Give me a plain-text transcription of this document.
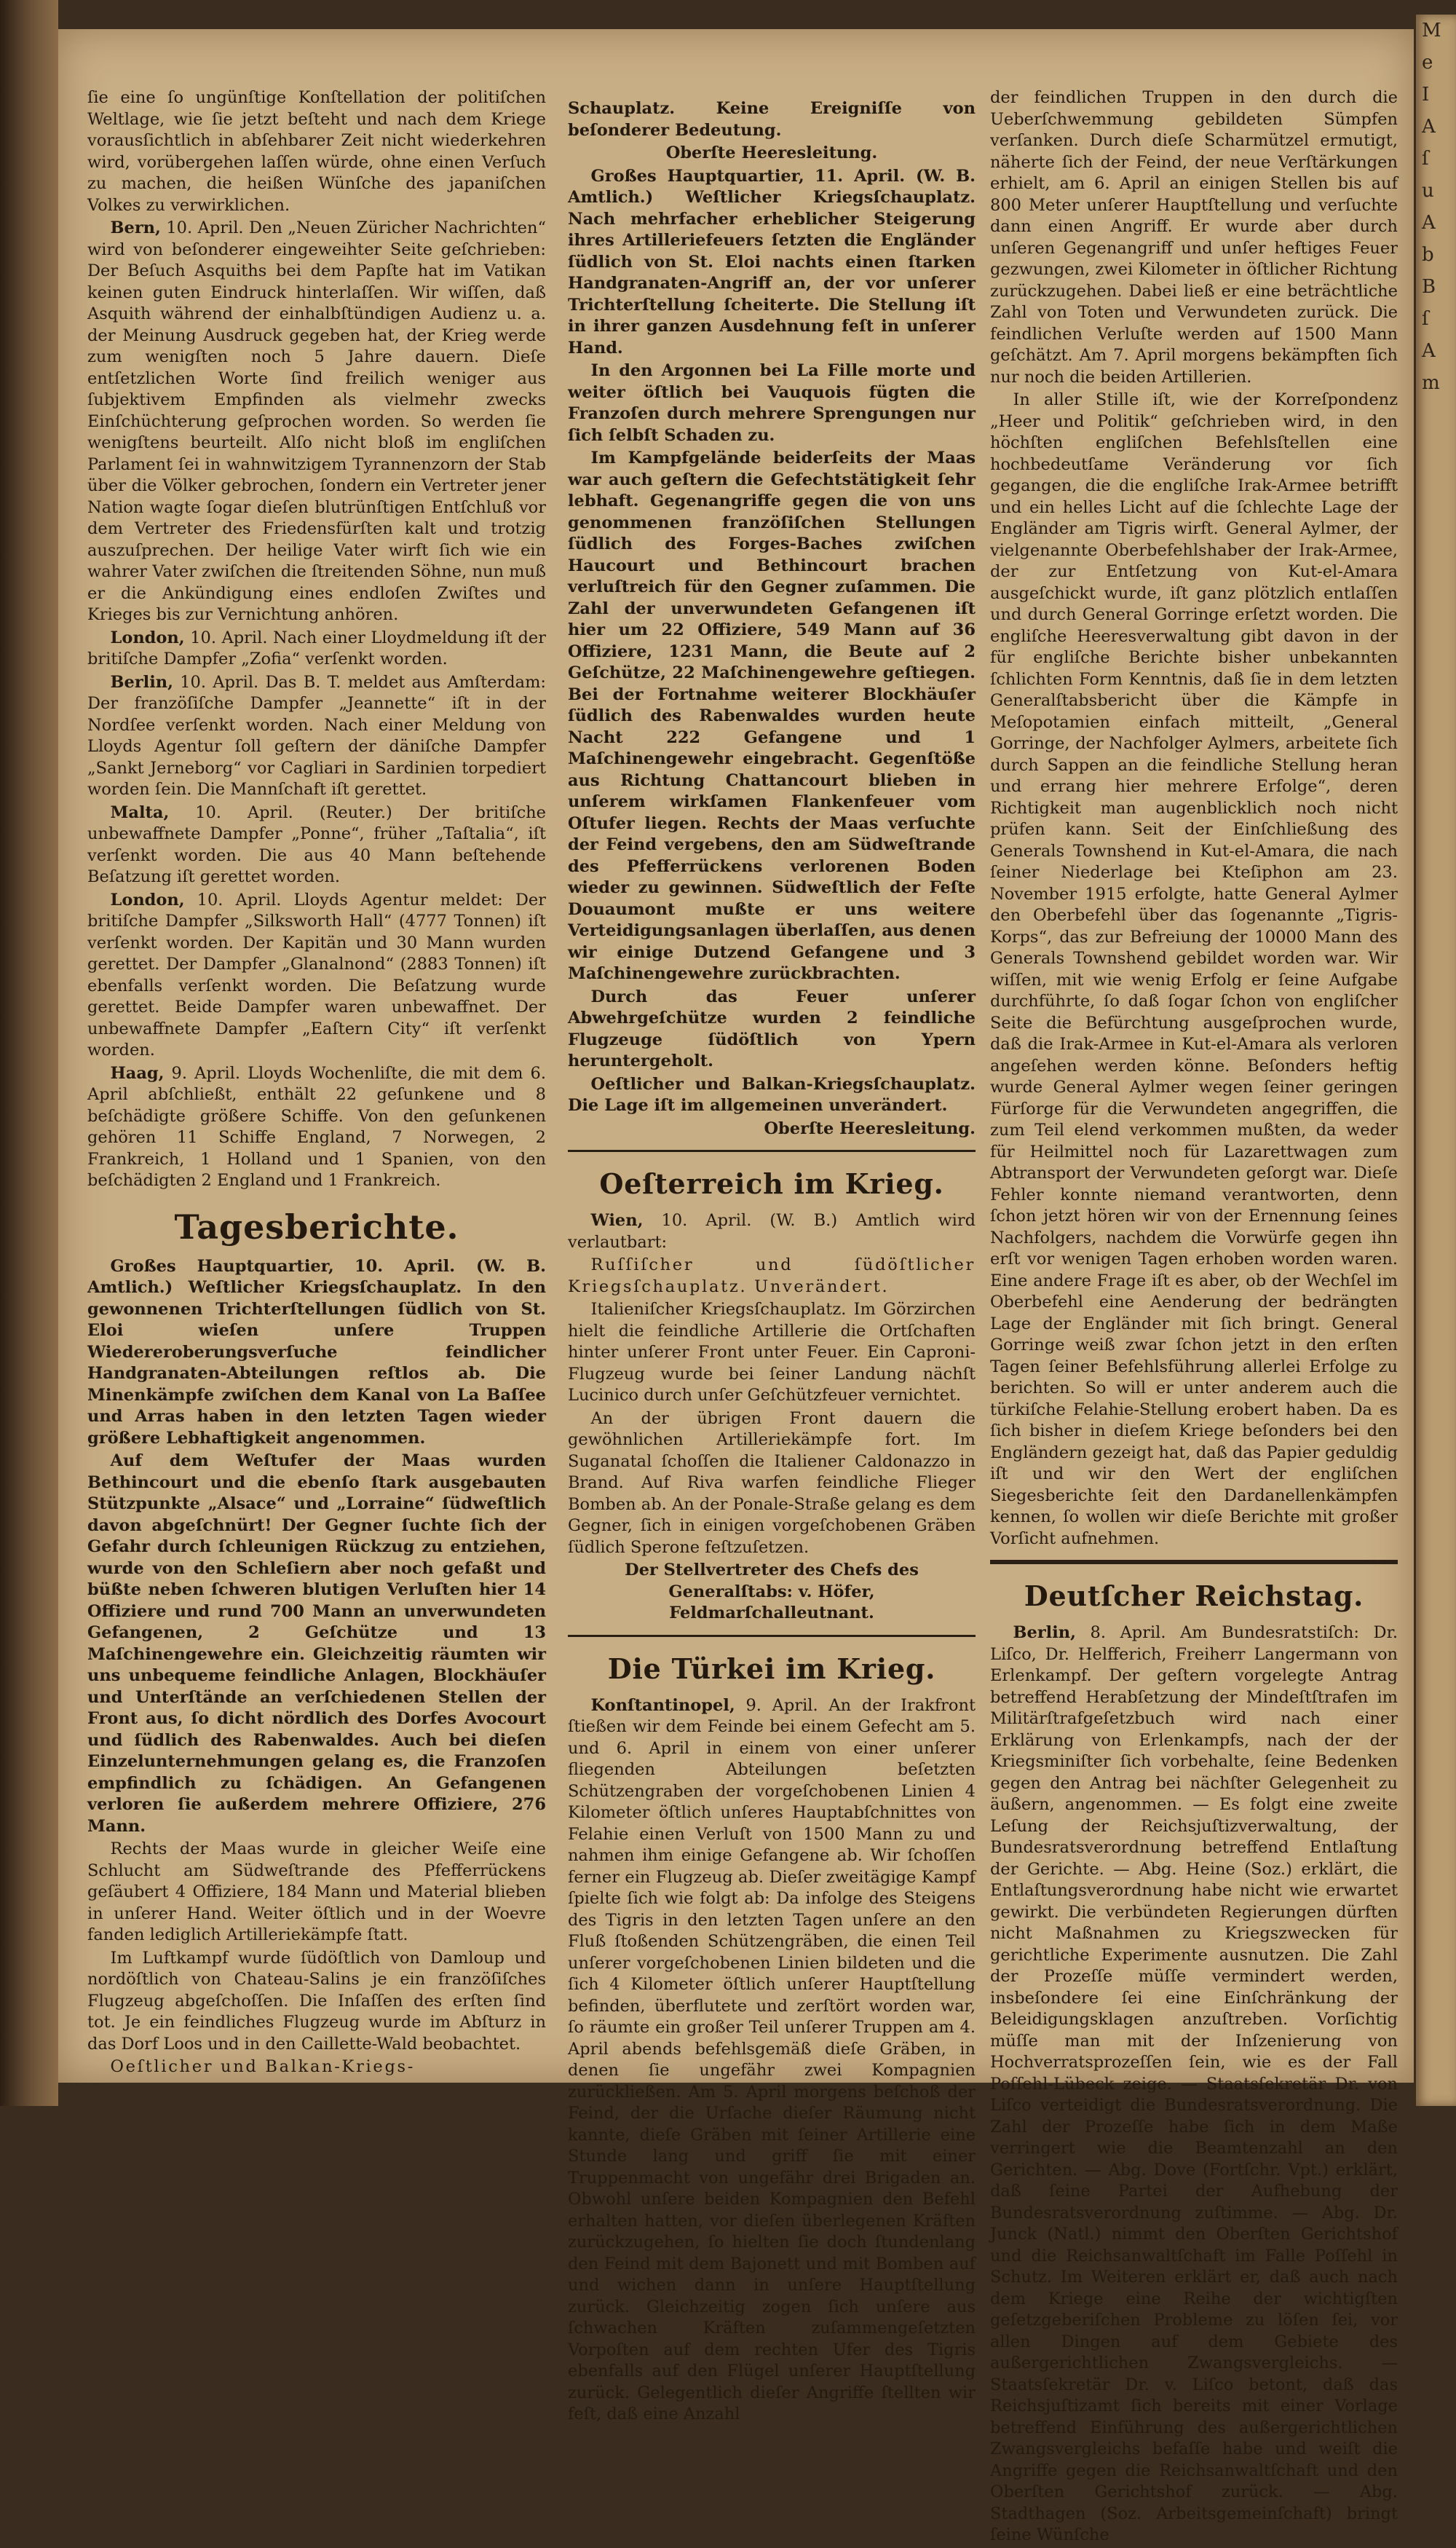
M
e
I
A
ſ
u
A
b
B
ſ
A
m

ſie eine ſo ungünſtige Konſtellation der politiſchen Weltlage, wie ſie jetzt beſteht und nach dem Kriege vorausſichtlich in abſehbarer Zeit nicht wiederkehren wird, vorübergehen laſſen würde, ohne einen Verſuch zu machen, die heißen Wünſche des japaniſchen Volkes zu verwirklichen.

Bern, 10. April. Den „Neuen Züricher Nachrichten“ wird von beſonderer eingeweihter Seite geſchrieben: Der Beſuch Asquiths bei dem Papſte hat im Vatikan keinen guten Eindruck hinterlaſſen. Wir wiſſen, daß Asquith während der einhalbſtündigen Audienz u. a. der Meinung Ausdruck gegeben hat, der Krieg werde zum wenigſten noch 5 Jahre dauern. Dieſe entſetzlichen Worte ſind freilich weniger aus ſubjektivem Empfinden als vielmehr zwecks Einſchüchterung geſprochen worden. So werden ſie wenigſtens beurteilt. Alſo nicht bloß im engliſchen Parlament ſei in wahnwitzigem Tyrannenzorn der Stab über die Völker gebrochen, ſondern ein Vertreter jener Nation wagte ſogar dieſen blutrünſtigen Entſchluß vor dem Vertreter des Friedensfürſten kalt und trotzig auszuſprechen. Der heilige Vater wirft ſich wie ein wahrer Vater zwiſchen die ſtreitenden Söhne, nun muß er die Ankündigung eines endloſen Zwiſtes und Krieges bis zur Vernichtung anhören.

London, 10. April. Nach einer Lloydmeldung iſt der britiſche Dampfer „Zofia“ verſenkt worden.

Berlin, 10. April. Das B. T. meldet aus Amſterdam: Der franzöſiſche Dampfer „Jeannette“ iſt in der Nordſee verſenkt worden. Nach einer Meldung von Lloyds Agentur ſoll geſtern der däniſche Dampfer „Sankt Jerneborg“ vor Cagliari in Sardinien torpediert worden ſein. Die Mannſchaft iſt gerettet.

Malta, 10. April. (Reuter.) Der britiſche unbewaffnete Dampfer „Ponne“, früher „Taſtalia“, iſt verſenkt worden. Die aus 40 Mann beſtehende Beſatzung iſt gerettet worden.

London, 10. April. Lloyds Agentur meldet: Der britiſche Dampfer „Silksworth Hall“ (4777 Tonnen) iſt verſenkt worden. Der Kapitän und 30 Mann wurden gerettet. Der Dampfer „Glanalnond“ (2883 Tonnen) iſt ebenfalls verſenkt worden. Die Beſatzung wurde gerettet. Beide Dampfer waren unbewaffnet. Der unbewaffnete Dampfer „Eaſtern City“ iſt verſenkt worden.

Haag, 9. April. Lloyds Wochenliſte, die mit dem 6. April abſchließt, enthält 22 geſunkene und 8 beſchädigte größere Schiffe. Von den geſunkenen gehören 11 Schiffe England, 7 Norwegen, 2 Frankreich, 1 Holland und 1 Spanien, von den beſchädigten 2 England und 1 Frankreich.

Tagesberichte.

Großes Hauptquartier, 10. April. (W. B. Amtlich.) Weſtlicher Kriegsſchauplatz. In den gewonnenen Trichterſtellungen ſüdlich von St. Eloi wieſen unſere Truppen Wiedereroberungsverſuche feindlicher Handgranaten-Abteilungen reſtlos ab. Die Minenkämpfe zwiſchen dem Kanal von La Baſſee und Arras haben in den letzten Tagen wieder größere Lebhaftigkeit angenommen.

Auf dem Weſtufer der Maas wurden Bethincourt und die ebenſo ſtark ausgebauten Stützpunkte „Alsace“ und „Lorraine“ ſüdweſtlich davon abgeſchnürt! Der Gegner ſuchte ſich der Gefahr durch ſchleunigen Rückzug zu entziehen, wurde von den Schleſiern aber noch gefaßt und büßte neben ſchweren blutigen Verluſten hier 14 Offiziere und rund 700 Mann an unverwundeten Gefangenen, 2 Geſchütze und 13 Maſchinengewehre ein. Gleichzeitig räumten wir uns unbequeme feindliche Anlagen, Blockhäuſer und Unterſtände an verſchiedenen Stellen der Front aus, ſo dicht nördlich des Dorfes Avocourt und ſüdlich des Rabenwaldes. Auch bei dieſen Einzelunternehmungen gelang es, die Franzoſen empfindlich zu ſchädigen. An Gefangenen verloren ſie außerdem mehrere Offiziere, 276 Mann.

Rechts der Maas wurde in gleicher Weiſe eine Schlucht am Südweſtrande des Pfefferrückens geſäubert 4 Offiziere, 184 Mann und Material blieben in unſerer Hand. Weiter öſtlich und in der Woevre fanden lediglich Artilleriekämpfe ſtatt.

Im Luftkampf wurde ſüdöſtlich von Damloup und nordöſtlich von Chateau-Salins je ein franzöſiſches Flugzeug abgeſchoſſen. Die Inſaſſen des erſten ſind tot. Je ein feindliches Flugzeug wurde im Abſturz in das Dorf Loos und in den Caillette-Wald beobachtet.

Oeſtlicher und Balkan-Kriegs-

Schauplatz. Keine Ereigniſſe von beſonderer Bedeutung.

Oberſte Heeresleitung.

Großes Hauptquartier, 11. April. (W. B. Amtlich.) Weſtlicher Kriegsſchauplatz. Nach mehrfacher erheblicher Steigerung ihres Artilleriefeuers ſetzten die Engländer ſüdlich von St. Eloi nachts einen ſtarken Handgranaten-Angriff an, der vor unſerer Trichterſtellung ſcheiterte. Die Stellung iſt in ihrer ganzen Ausdehnung feſt in unſerer Hand.

In den Argonnen bei La Fille morte und weiter öſtlich bei Vauquois fügten die Franzoſen durch mehrere Sprengungen nur ſich ſelbſt Schaden zu.

Im Kampfgelände beiderſeits der Maas war auch geſtern die Gefechtstätigkeit ſehr lebhaft. Gegenangriffe gegen die von uns genommenen franzöſiſchen Stellungen ſüdlich des Forges-Baches zwiſchen Haucourt und Bethincourt brachen verluſtreich für den Gegner zuſammen. Die Zahl der unverwundeten Gefangenen iſt hier um 22 Offiziere, 549 Mann auf 36 Offiziere, 1231 Mann, die Beute auf 2 Geſchütze, 22 Maſchinengewehre geſtiegen. Bei der Fortnahme weiterer Blockhäuſer ſüdlich des Rabenwaldes wurden heute Nacht 222 Gefangene und 1 Maſchinengewehr eingebracht. Gegenſtöße aus Richtung Chattancourt blieben in unſerem wirkſamen Flankenfeuer vom Oſtufer liegen. Rechts der Maas verſuchte der Feind vergebens, den am Südweſtrande des Pfefferrückens verlorenen Boden wieder zu gewinnen. Südweſtlich der Feſte Douaumont mußte er uns weitere Verteidigungsanlagen überlaſſen, aus denen wir einige Dutzend Gefangene und 3 Maſchinengewehre zurückbrachten.

Durch das Feuer unſerer Abwehrgeſchütze wurden 2 feindliche Flugzeuge ſüdöſtlich von Ypern heruntergeholt.

Oeſtlicher und Balkan-Kriegsſchauplatz. Die Lage iſt im allgemeinen unverändert.

Oberſte Heeresleitung.

Oeſterreich im Krieg.

Wien, 10. April. (W. B.) Amtlich wird verlautbart:

Ruſſiſcher und ſüdöſtlicher Kriegsſchauplatz. Unverändert.

Italieniſcher Kriegsſchauplatz. Im Görzirchen hielt die feindliche Artillerie die Ortſchaften hinter unſerer Front unter Feuer. Ein Caproni-Flugzeug wurde bei ſeiner Landung nächſt Lucinico durch unſer Geſchützfeuer vernichtet.

An der übrigen Front dauern die gewöhnlichen Artilleriekämpfe fort. Im Suganatal ſchoſſen die Italiener Caldonazzo in Brand. Auf Riva warfen feindliche Flieger Bomben ab. An der Ponale-Straße gelang es dem Gegner, ſich in einigen vorgeſchobenen Gräben ſüdlich Sperone feſtzuſetzen.

Der Stellvertreter des Chefs des Generalſtabs: v. Höfer, Feldmarſchalleutnant.

Die Türkei im Krieg.

Konſtantinopel, 9. April. An der Irakfront ſtießen wir dem Feinde bei einem Gefecht am 5. und 6. April in einem von einer unſerer fliegenden Abteilungen beſetzten Schützengraben der vorgeſchobenen Linien 4 Kilometer öſtlich unſeres Hauptabſchnittes von Felahie einen Verluſt von 1500 Mann zu und nahmen ihm einige Gefangene ab. Wir ſchoſſen ferner ein Flugzeug ab. Dieſer zweitägige Kampf ſpielte ſich wie folgt ab: Da infolge des Steigens des Tigris in den letzten Tagen unſere an den Fluß ſtoßenden Schützengräben, die einen Teil unſerer vorgeſchobenen Linien bildeten und die ſich 4 Kilometer öſtlich unſerer Hauptſtellung befinden, überflutete und zerſtört worden war, ſo räumte ein großer Teil unſerer Truppen am 4. April abends befehlsgemäß dieſe Gräben, in denen ſie ungefähr zwei Kompagnien zurückließen. Am 5. April morgens beſchoß der Feind, der die Urſache dieſer Räumung nicht kannte, dieſe Gräben mit ſeiner Artillerie eine Stunde lang und griff ſie mit einer Truppenmacht von ungefähr drei Brigaden an. Obwohl unſere beiden Kompagnien den Befehl erhalten hatten, vor dieſen überlegenen Kräften zurückzugehen, ſo hielten ſie doch ſtundenlang den Feind mit dem Bajonett und mit Bomben auf und wichen dann in unſere Hauptſtellung zurück. Gleichzeitig zogen ſich unſere aus ſchwachen Kräften zuſammengeſetzten Vorpoſten auf dem rechten Ufer des Tigris ebenfalls auf den Flügel unſerer Hauptſtellung zurück. Gelegentlich dieſer Angriffe ſtellten wir feſt, daß eine Anzahl

der feindlichen Truppen in den durch die Ueberſchwemmung gebildeten Sümpfen verſanken. Durch dieſe Scharmützel ermutigt, näherte ſich der Feind, der neue Verſtärkungen erhielt, am 6. April an einigen Stellen bis auf 800 Meter unſerer Hauptſtellung und verſuchte dann einen Angriff. Er wurde aber durch unſeren Gegenangriff und unſer heftiges Feuer gezwungen, zwei Kilometer in öſtlicher Richtung zurückzugehen. Dabei ließ er eine beträchtliche Zahl von Toten und Verwundeten zurück. Die feindlichen Verluſte werden auf 1500 Mann geſchätzt. Am 7. April morgens bekämpften ſich nur noch die beiden Artillerien.

In aller Stille iſt, wie der Korreſpondenz „Heer und Politik“ geſchrieben wird, in den höchſten engliſchen Befehlsſtellen eine hochbedeutſame Veränderung vor ſich gegangen, die die engliſche Irak-Armee betrifft und ein helles Licht auf die ſchlechte Lage der Engländer am Tigris wirft. General Aylmer, der vielgenannte Oberbefehlshaber der Irak-Armee, der zur Entſetzung von Kut-el-Amara ausgeſchickt wurde, iſt ganz plötzlich entlaſſen und durch General Gorringe erſetzt worden. Die engliſche Heeresverwaltung gibt davon in der für engliſche Berichte bisher unbekannten ſchlichten Form Kenntnis, daß ſie in dem letzten Generalſtabsbericht über die Kämpfe in Meſopotamien einfach mitteilt, „General Gorringe, der Nachfolger Aylmers, arbeitete ſich durch Sappen an die feindliche Stellung heran und errang hier mehrere Erfolge“, deren Richtigkeit man augenblicklich noch nicht prüfen kann. Seit der Einſchließung des Generals Townshend in Kut-el-Amara, die nach ſeiner Niederlage bei Kteſiphon am 23. November 1915 erfolgte, hatte General Aylmer den Oberbefehl über das ſogenannte „Tigris-Korps“, das zur Befreiung der 10000 Mann des Generals Townshend gebildet worden war. Wir wiſſen, mit wie wenig Erfolg er ſeine Aufgabe durchführte, ſo daß ſogar ſchon von engliſcher Seite die Befürchtung ausgeſprochen wurde, daß die Irak-Armee in Kut-el-Amara als verloren angeſehen werden könne. Beſonders heftig wurde General Aylmer wegen ſeiner geringen Fürſorge für die Verwundeten angegriffen, die zum Teil elend verkommen mußten, da weder für Heilmittel noch für Lazarettwagen zum Abtransport der Verwundeten geſorgt war. Dieſe Fehler konnte niemand verantworten, denn ſchon jetzt hören wir von der Ernennung ſeines Nachfolgers, nachdem die Vorwürfe gegen ihn erſt vor wenigen Tagen erhoben worden waren. Eine andere Frage iſt es aber, ob der Wechſel im Oberbefehl eine Aenderung der bedrängten Lage der Engländer mit ſich bringt. General Gorringe weiß zwar ſchon jetzt in den erſten Tagen ſeiner Befehlsführung allerlei Erfolge zu berichten. So will er unter anderem auch die türkiſche Felahie-Stellung erobert haben. Da es ſich bisher in dieſem Kriege beſonders bei den Engländern gezeigt hat, daß das Papier geduldig iſt und wir den Wert der engliſchen Siegesberichte ſeit den Dardanellenkämpfen kennen, ſo wollen wir dieſe Berichte mit großer Vorſicht aufnehmen.

Deutſcher Reichstag.

Berlin, 8. April. Am Bundesratstiſch: Dr. Liſco, Dr. Helfferich, Freiherr Langermann von Erlenkampf. Der geſtern vorgelegte Antrag betreffend Herabſetzung der Mindeſtſtrafen im Militärſtrafgeſetzbuch wird nach einer Erklärung von Erlenkampfs, nach der der Kriegsminiſter ſich vorbehalte, ſeine Bedenken gegen den Antrag bei nächſter Gelegenheit zu äußern, angenommen. — Es folgt eine zweite Leſung der Reichsjuſtizverwaltung, der Bundesratsverordnung betreffend Entlaſtung der Gerichte. — Abg. Heine (Soz.) erklärt, die Entlaſtungsverordnung habe nicht wie erwartet gewirkt. Die verbündeten Regierungen dürften nicht Maßnahmen zu Kriegszwecken für gerichtliche Experimente ausnutzen. Die Zahl der Prozeſſe müſſe vermindert werden, insbeſondere ſei eine Einſchränkung der Beleidigungsklagen anzuſtreben. Vorſichtig müſſe man mit der Inſzenierung von Hochverratsprozeſſen ſein, wie es der Fall Poſſehl-Lübeck zeige. — Staatsſekretär Dr. von Liſco verteidigt die Bundesratsverordnung. Die Zahl der Prozeſſe habe ſich in dem Maße verringert wie die Beamtenzahl an den Gerichten. — Abg. Dove (Fortſchr. Vpt.) erklärt, daß ſeine Partei der Aufhebung der Bundesratsverordnung zuſtimme. — Abg. Dr. Junck (Natl.) nimmt den Oberſten Gerichtshof und die Reichsanwaltſchaft im Falle Poſſehl in Schutz. Im Weiteren erklärt er, daß auch nach dem Kriege eine Reihe der wichtigſten geſetzgeberiſchen Probleme zu löſen ſei, vor allen Dingen auf dem Gebiete des außergerichtlichen Zwangsvergleichs. — Staatsſekretär Dr. v. Liſco betont, daß das Reichsjuſtizamt ſich bereits mit einer Vorlage betreffend Einführung des außergerichtlichen Zwangsvergleichs befaſſe habe und weiſt die Angriffe gegen die Reichsanwaltſchaft und den Oberſten Gerichtshof zurück. — Abg. Stadthagen (Soz. Arbeitsgemeinſchaft) bringt ſeine Wünſche
